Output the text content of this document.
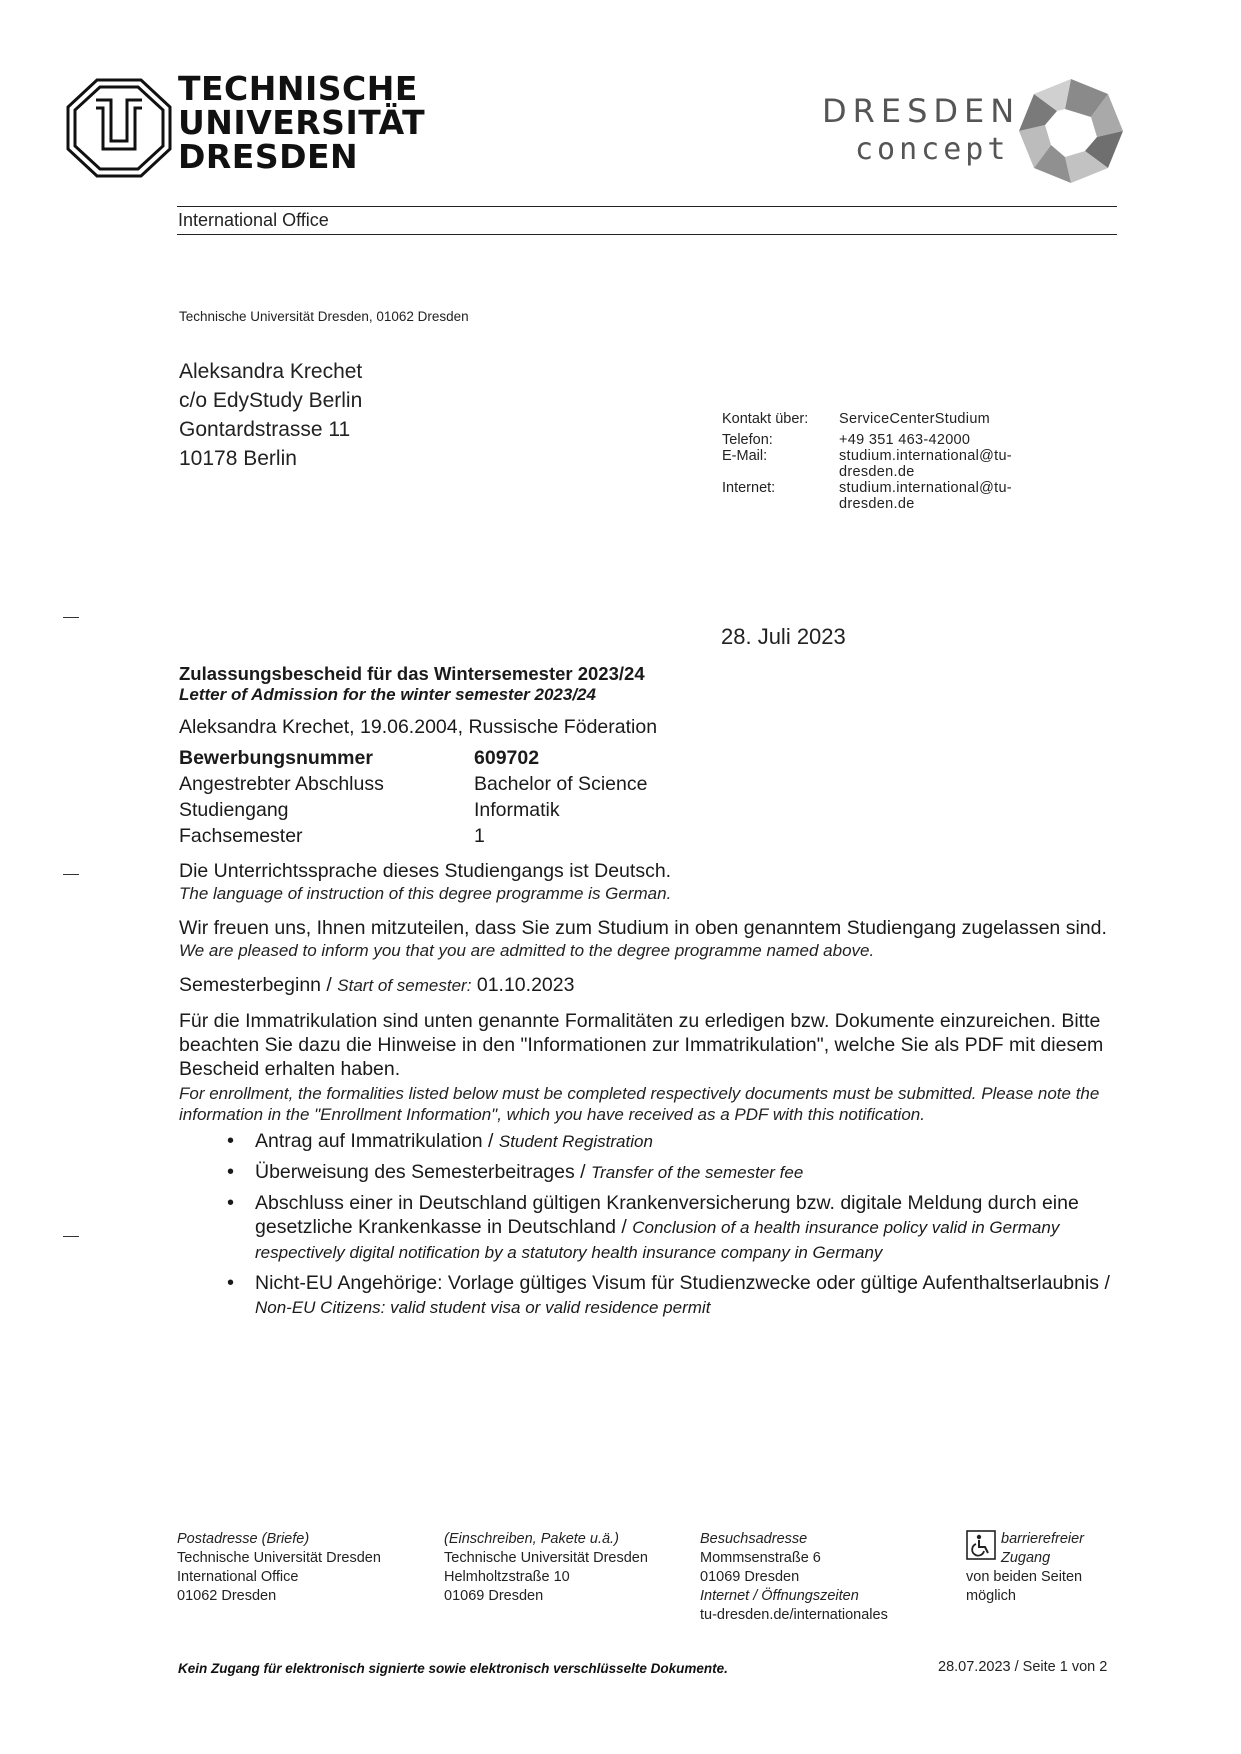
TECHNISCHE
UNIVERSITÄT
DRESDEN
DRESDEN
concept
International Office
Technische Universität Dresden, 01062 Dresden
Aleksandra Krechet
c/o EdyStudy Berlin
Gontardstrasse 11
10178 Berlin
Kontakt über:	ServiceCenterStudium
Telefon:	+49 351 463-42000
E-Mail:	studium.international@tu-
dresden.de
Internet:	studium.international@tu-
dresden.de
28. Juli 2023
Zulassungsbescheid für das Wintersemester 2023/24
Letter of Admission for the winter semester 2023/24
Aleksandra Krechet, 19.06.2004, Russische Föderation
Bewerbungsnummer	609702
Angestrebter Abschluss	Bachelor of Science
Studiengang	Informatik
Fachsemester	1
Die Unterrichtssprache dieses Studiengangs ist Deutsch.
The language of instruction of this degree programme is German.
Wir freuen uns, Ihnen mitzuteilen, dass Sie zum Studium in oben genanntem Studiengang zugelassen sind.
We are pleased to inform you that you are admitted to the degree programme named above.
Semesterbeginn / Start of semester: 01.10.2023
Für die Immatrikulation sind unten genannte Formalitäten zu erledigen bzw. Dokumente einzureichen. Bitte beachten Sie dazu die Hinweise in den "Informationen zur Immatrikulation", welche Sie als PDF mit diesem Bescheid erhalten haben.
For enrollment, the formalities listed below must be completed respectively documents must be submitted. Please note the information in the "Enrollment Information", which you have received as a PDF with this notification.
• Antrag auf Immatrikulation / Student Registration
• Überweisung des Semesterbeitrages / Transfer of the semester fee
• Abschluss einer in Deutschland gültigen Krankenversicherung bzw. digitale Meldung durch eine gesetzliche Krankenkasse in Deutschland / Conclusion of a health insurance policy valid in Germany respectively digital notification by a statutory health insurance company in Germany
• Nicht-EU Angehörige: Vorlage gültiges Visum für Studienzwecke oder gültige Aufenthaltserlaubnis / Non-EU Citizens: valid student visa or valid residence permit
Postadresse (Briefe)
Technische Universität Dresden
International Office
01062 Dresden
(Einschreiben, Pakete u.ä.)
Technische Universität Dresden
Helmholtzstraße 10
01069 Dresden
Besuchsadresse
Mommsenstraße 6
01069 Dresden
Internet / Öffnungszeiten
tu-dresden.de/internationales
barrierefreier
Zugang
von beiden Seiten
möglich
Kein Zugang für elektronisch signierte sowie elektronisch verschlüsselte Dokumente.	28.07.2023 / Seite 1 von 2
